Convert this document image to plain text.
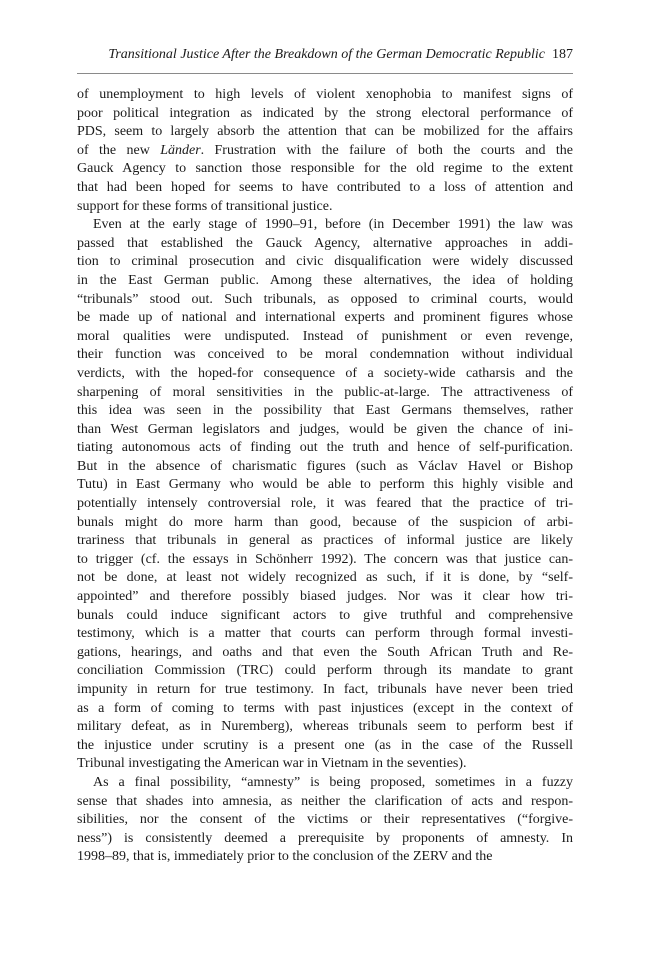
Transitional Justice After the Breakdown of the German Democratic Republic 187
of unemployment to high levels of violent xenophobia to manifest signs of
poor political integration as indicated by the strong electoral performance of
PDS, seem to largely absorb the attention that can be mobilized for the affairs
of the new Länder. Frustration with the failure of both the courts and the
Gauck Agency to sanction those responsible for the old regime to the extent
that had been hoped for seems to have contributed to a loss of attention and
support for these forms of transitional justice.
Even at the early stage of 1990–91, before (in December 1991) the law was
passed that established the Gauck Agency, alternative approaches in addi-
tion to criminal prosecution and civic disqualification were widely discussed
in the East German public. Among these alternatives, the idea of holding
“tribunals” stood out. Such tribunals, as opposed to criminal courts, would
be made up of national and international experts and prominent figures whose
moral qualities were undisputed. Instead of punishment or even revenge,
their function was conceived to be moral condemnation without individual
verdicts, with the hoped-for consequence of a society-wide catharsis and the
sharpening of moral sensitivities in the public-at-large. The attractiveness of
this idea was seen in the possibility that East Germans themselves, rather
than West German legislators and judges, would be given the chance of ini-
tiating autonomous acts of finding out the truth and hence of self-purification.
But in the absence of charismatic figures (such as Václav Havel or Bishop
Tutu) in East Germany who would be able to perform this highly visible and
potentially intensely controversial role, it was feared that the practice of tri-
bunals might do more harm than good, because of the suspicion of arbi-
trariness that tribunals in general as practices of informal justice are likely
to trigger (cf. the essays in Schönherr 1992). The concern was that justice can-
not be done, at least not widely recognized as such, if it is done, by “self-
appointed” and therefore possibly biased judges. Nor was it clear how tri-
bunals could induce significant actors to give truthful and comprehensive
testimony, which is a matter that courts can perform through formal investi-
gations, hearings, and oaths and that even the South African Truth and Re-
conciliation Commission (TRC) could perform through its mandate to grant
impunity in return for true testimony. In fact, tribunals have never been tried
as a form of coming to terms with past injustices (except in the context of
military defeat, as in Nuremberg), whereas tribunals seem to perform best if
the injustice under scrutiny is a present one (as in the case of the Russell
Tribunal investigating the American war in Vietnam in the seventies).
As a final possibility, “amnesty” is being proposed, sometimes in a fuzzy
sense that shades into amnesia, as neither the clarification of acts and respon-
sibilities, nor the consent of the victims or their representatives (“forgive-
ness”) is consistently deemed a prerequisite by proponents of amnesty. In
1998–89, that is, immediately prior to the conclusion of the ZERV and the
